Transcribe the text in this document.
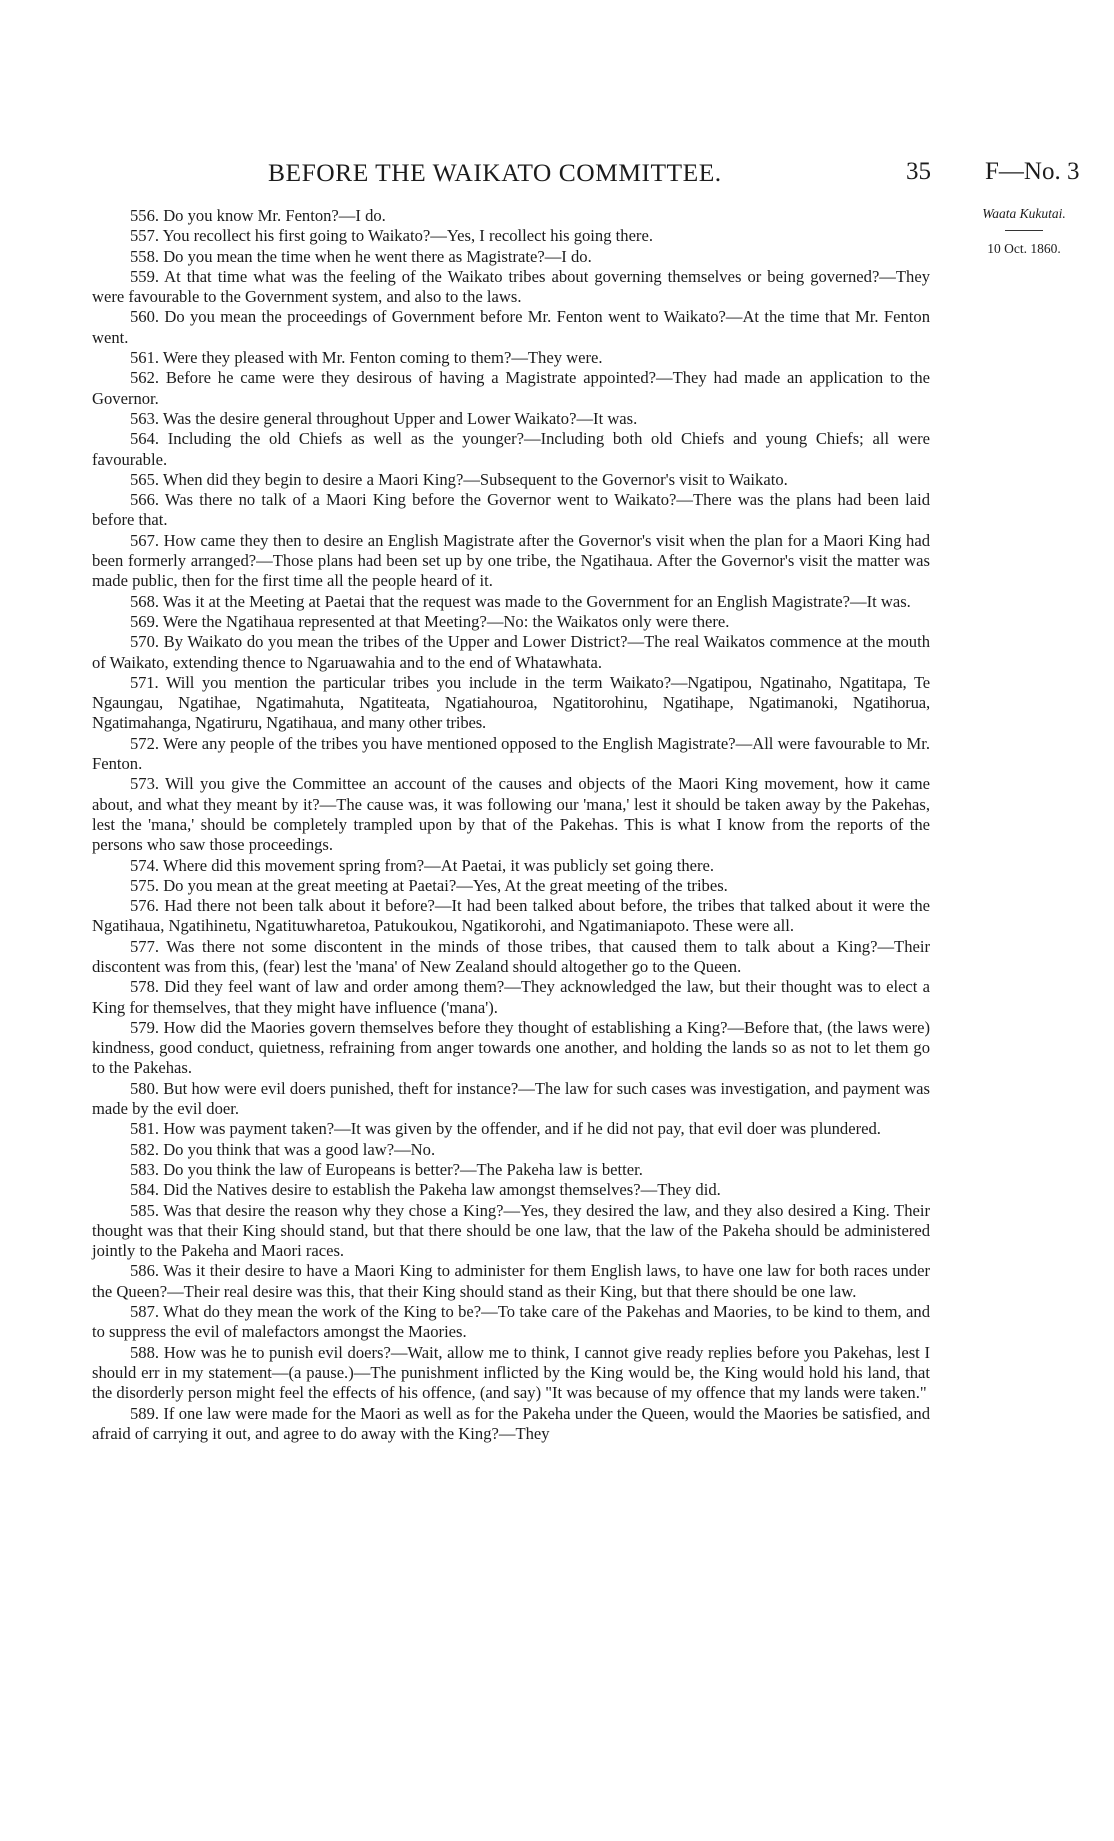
BEFORE THE WAIKATO COMMITTEE.	35 F—No. 3
Waata Kukutai.
10 Oct. 1860.

556. Do you know Mr. Fenton?—I do.

557. You recollect his first going to Waikato?—Yes, I recollect his going there.

558. Do you mean the time when he went there as Magistrate?—I do.

559. At that time what was the feeling of the Waikato tribes about governing themselves or being governed?—They were favourable to the Government system, and also to the laws.

560. Do you mean the proceedings of Government before Mr. Fenton went to Waikato?—At the time that Mr. Fenton went.

561. Were they pleased with Mr. Fenton coming to them?—They were.

562. Before he came were they desirous of having a Magistrate appointed?—They had made an application to the Governor.

563. Was the desire general throughout Upper and Lower Waikato?—It was.

564. Including the old Chiefs as well as the younger?—Including both old Chiefs and young Chiefs; all were favourable.

565. When did they begin to desire a Maori King?—Subsequent to the Governor's visit to Waikato.

566. Was there no talk of a Maori King before the Governor went to Waikato?—There was the plans had been laid before that.

567. How came they then to desire an English Magistrate after the Governor's visit when the plan for a Maori King had been formerly arranged?—Those plans had been set up by one tribe, the Ngatihaua. After the Governor's visit the matter was made public, then for the first time all the people heard of it.

568. Was it at the Meeting at Paetai that the request was made to the Government for an English Magistrate?—It was.

569. Were the Ngatihaua represented at that Meeting?—No: the Waikatos only were there.

570. By Waikato do you mean the tribes of the Upper and Lower District?—The real Waikatos commence at the mouth of Waikato, extending thence to Ngaruawahia and to the end of Whatawhata.

571. Will you mention the particular tribes you include in the term Waikato?—Ngatipou, Ngatinaho, Ngatitapa, Te Ngaungau, Ngatihae, Ngatimahuta, Ngatiteata, Ngatiahouroa, Ngatitorohinu, Ngatihape, Ngatimanoki, Ngatihorua, Ngatimahanga, Ngatiruru, Ngatihaua, and many other tribes.

572. Were any people of the tribes you have mentioned opposed to the English Magistrate?—All were favourable to Mr. Fenton.

573. Will you give the Committee an account of the causes and objects of the Maori King movement, how it came about, and what they meant by it?—The cause was, it was following our 'mana,' lest it should be taken away by the Pakehas, lest the 'mana,' should be completely trampled upon by that of the Pakehas. This is what I know from the reports of the persons who saw those proceedings.

574. Where did this movement spring from?—At Paetai, it was publicly set going there.

575. Do you mean at the great meeting at Paetai?—Yes, At the great meeting of the tribes.

576. Had there not been talk about it before?—It had been talked about before, the tribes that talked about it were the Ngatihaua, Ngatihinetu, Ngatituwharetoa, Patukoukou, Ngatikorohi, and Ngatimaniapoto. These were all.

577. Was there not some discontent in the minds of those tribes, that caused them to talk about a King?—Their discontent was from this, (fear) lest the 'mana' of New Zealand should altogether go to the Queen.

578. Did they feel want of law and order among them?—They acknowledged the law, but their thought was to elect a King for themselves, that they might have influence ('mana').

579. How did the Maories govern themselves before they thought of establishing a King?—Before that, (the laws were) kindness, good conduct, quietness, refraining from anger towards one another, and holding the lands so as not to let them go to the Pakehas.

580. But how were evil doers punished, theft for instance?—The law for such cases was investigation, and payment was made by the evil doer.

581. How was payment taken?—It was given by the offender, and if he did not pay, that evil doer was plundered.

582. Do you think that was a good law?—No.

583. Do you think the law of Europeans is better?—The Pakeha law is better.

584. Did the Natives desire to establish the Pakeha law amongst themselves?—They did.

585. Was that desire the reason why they chose a King?—Yes, they desired the law, and they also desired a King. Their thought was that their King should stand, but that there should be one law, that the law of the Pakeha should be administered jointly to the Pakeha and Maori races.

586. Was it their desire to have a Maori King to administer for them English laws, to have one law for both races under the Queen?—Their real desire was this, that their King should stand as their King, but that there should be one law.

587. What do they mean the work of the King to be?—To take care of the Pakehas and Maories, to be kind to them, and to suppress the evil of malefactors amongst the Maories.

588. How was he to punish evil doers?—Wait, allow me to think, I cannot give ready replies before you Pakehas, lest I should err in my statement—(a pause.)—The punishment inflicted by the King would be, the King would hold his land, that the disorderly person might feel the effects of his offence, (and say) "It was because of my offence that my lands were taken."

589. If one law were made for the Maori as well as for the Pakeha under the Queen, would the Maories be satisfied, and afraid of carrying it out, and agree to do away with the King?—They
